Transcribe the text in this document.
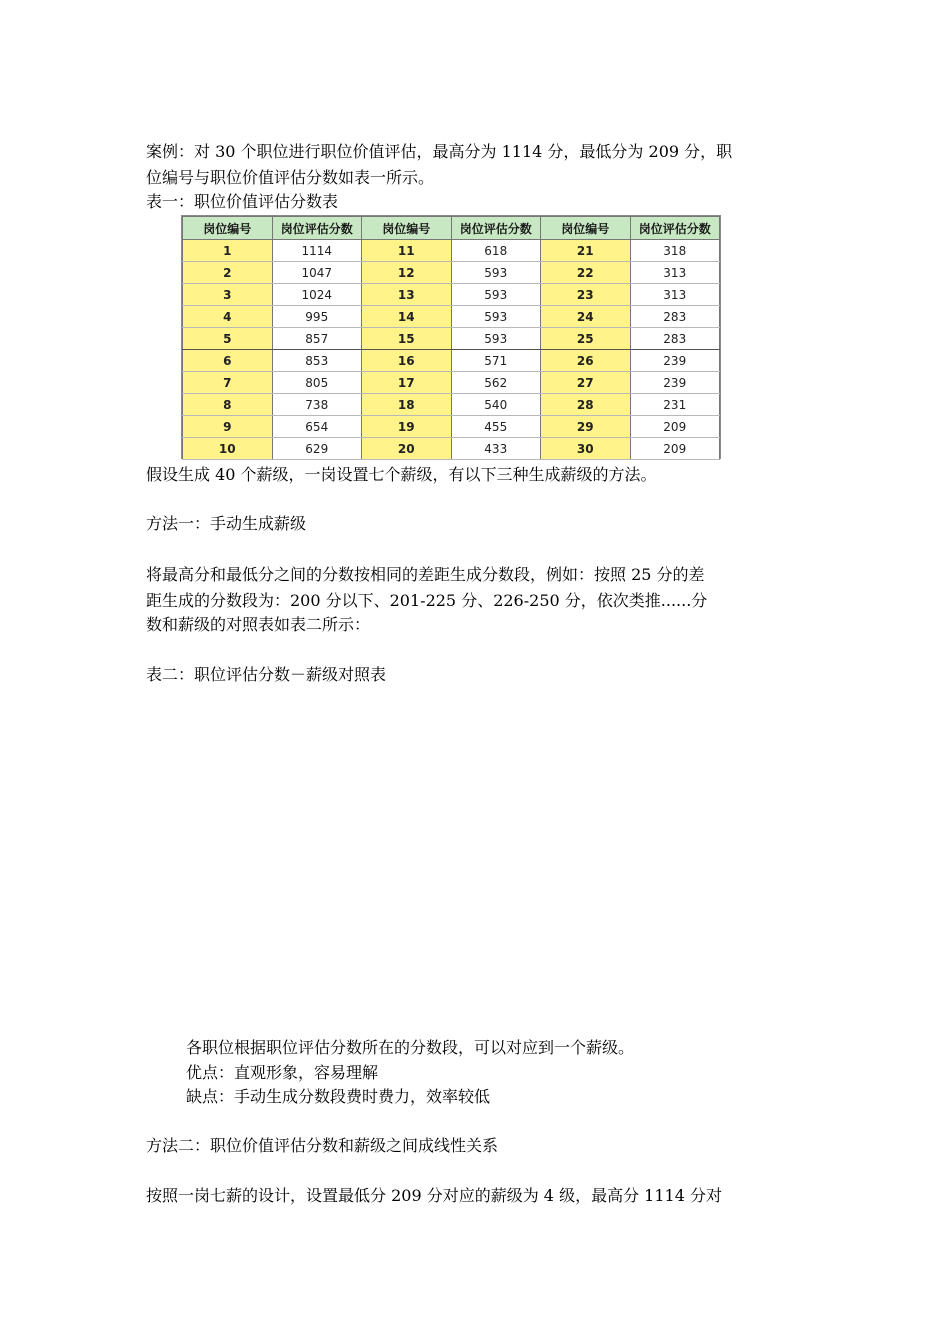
案例：对 30 个职位进行职位价值评估，最高分为 1114 分，最低分为 209 分，职
位编号与职位价值评估分数如表一所示。
表一：职位价值评估分数表
岗位编号	岗位评估分数	岗位编号	岗位评估分数	岗位编号	岗位评估分数
1	1114	11	618	21	318
2	1047	12	593	22	313
3	1024	13	593	23	313
4	995	14	593	24	283
5	857	15	593	25	283
6	853	16	571	26	239
7	805	17	562	27	239
8	738	18	540	28	231
9	654	19	455	29	209
10	629	20	433	30	209
假设生成 40 个薪级，一岗设置七个薪级，有以下三种生成薪级的方法。
方法一：手动生成薪级
将最高分和最低分之间的分数按相同的差距生成分数段，例如：按照 25 分的差
距生成的分数段为：200 分以下、201-225 分、226-250 分，依次类推......分
数和薪级的对照表如表二所示：
表二：职位评估分数－薪级对照表
各职位根据职位评估分数所在的分数段，可以对应到一个薪级。
优点：直观形象，容易理解
缺点：手动生成分数段费时费力，效率较低
方法二：职位价值评估分数和薪级之间成线性关系
按照一岗七薪的设计，设置最低分 209 分对应的薪级为 4 级，最高分 1114 分对
